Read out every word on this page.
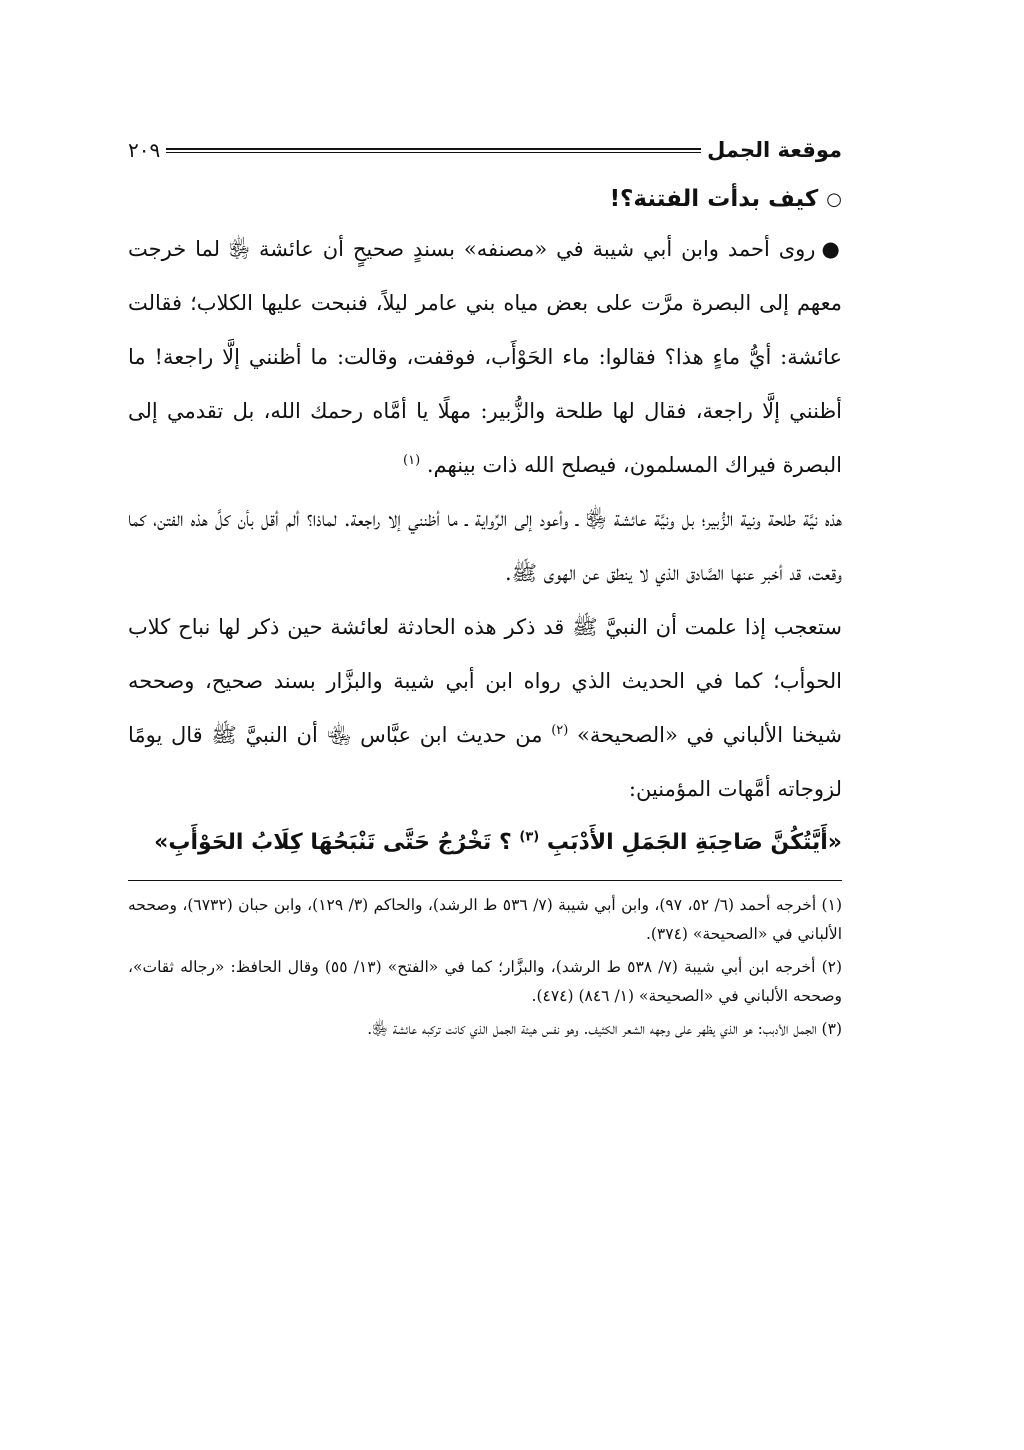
موقعة الجمل
٢٠٩
○
كيف بدأت الفتنة؟!

●روى أحمد وابن أبي شيبة في «مصنفه» بسندٍ صحيحٍ أن عائشة ﵂ لما خرجت معهم إلى البصرة مرَّت على بعض مياه بني عامر ليلاً، فنبحت عليها الكلاب؛ فقالت عائشة: أيُّ ماءٍ هذا؟ فقالوا: ماء الحَوْأَب، فوقفت، وقالت: ما أظنني إلَّا راجعة! ما أظنني إلَّا راجعة، فقال لها طلحة والزُّبير: مهلًا يا أمَّاه رحمك الله، بل تقدمي إلى البصرة فيراك المسلمون، فيصلح الله ذات بينهم. $^{(١)}$

هذه نيَّة طلحة ونية الزُّبير؛ بل ونيَّة عائشة ﵂ ـ وأعود إلى الرِّواية ـ ما أظنني إلا راجعة. لماذا؟ ألم أقل بأن كلَّ هذه الفتن، كما وقعت، قد أخبر عنها الصَّادق الذي لا ينطق عن الهوى ﷺ.

ستعجب إذا علمت أن النبيَّ ﷺ قد ذكر هذه الحادثة لعائشة حين ذكر لها نباح كلاب الحوأب؛ كما في الحديث الذي رواه ابن أبي شيبة والبزَّار بسند صحيح، وصححه شيخنا الألباني في «الصحيحة» $^{(٢)}$ من حديث ابن عبَّاس ﵄ أن النبيَّ ﷺ قال يومًا لزوجاته أمَّهات المؤمنين:

«أَيَّتُكُنَّ صَاحِبَةِ الجَمَلِ الأَدْبَبِ $^{(٣)}$ ؟ تَخْرُجُ حَتَّى تَنْبَحُهَا كِلَابُ الحَوْأَبِ»

(١) أخرجه أحمد (٦/ ٥٢، ٩٧)، وابن أبي شيبة (٧/ ٥٣٦ ط الرشد)، والحاكم (٣/ ١٢٩)، وابن حبان (٦٧٣٢)، وصححه الألباني في «الصحيحة» (٣٧٤).

(٢) أخرجه ابن أبي شيبة (٧/ ٥٣٨ ط الرشد)، والبزَّار؛ كما في «الفتح» (١٣/ ٥٥) وقال الحافظ: «رجاله ثقات»، وصححه الألباني في «الصحيحة» (١/ ٨٤٦) (٤٧٤).

(٣) الجمل الأدبب: هو الذي يظهر على وجهه الشعر الكثيف. وهو نفس هيئة الجمل الذي كانت تركبه عائشة ﵂.
